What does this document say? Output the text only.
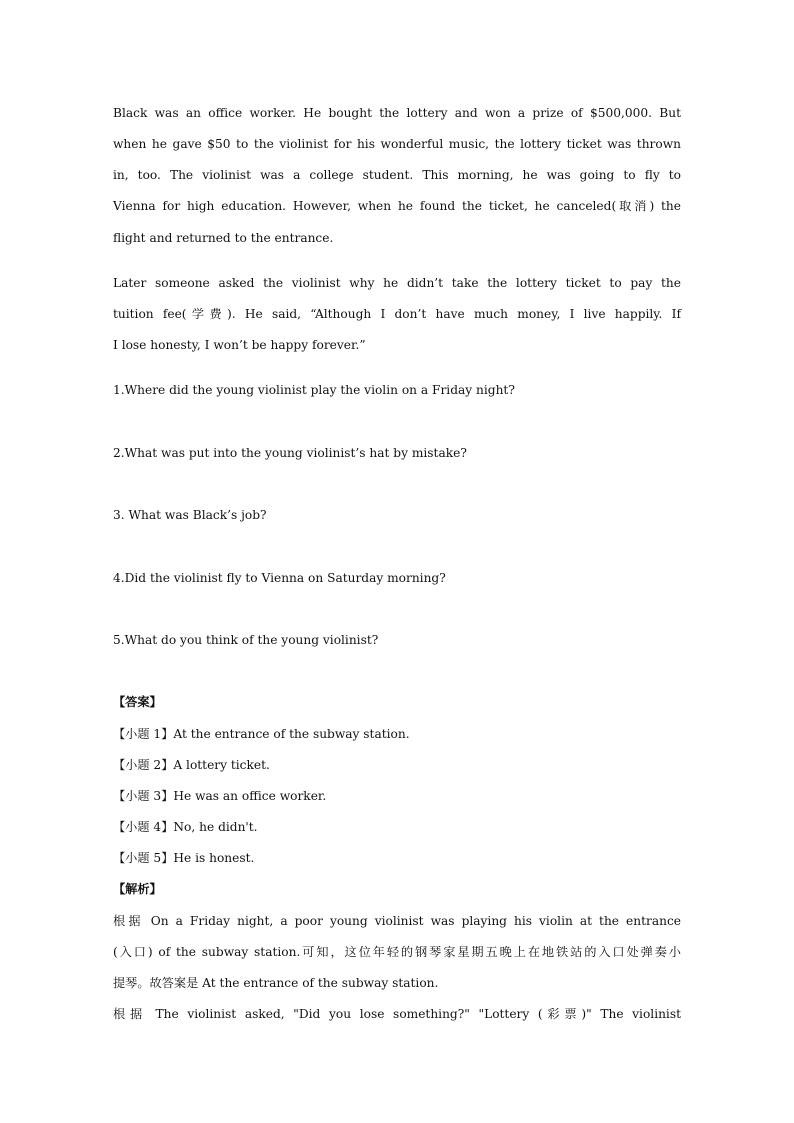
Black was an office worker. He bought the lottery and won a prize of $500,000. But
when he gave $50 to the violinist for his wonderful music, the lottery ticket was thrown
in, too. The violinist was a college student. This morning, he was going to fly to
Vienna for high education. However, when he found the ticket, he canceled(取消) the
flight and returned to the entrance.
Later someone asked the violinist why he didn’t take the lottery ticket to pay the
tuition fee(学费). He said, “Although I don’t have much money, I live happily. If
I lose honesty, I won’t be happy forever.”
1.Where did the young violinist play the violin on a Friday night?
2.What was put into the young violinist’s hat by mistake?
3. What was Black’s job?
4.Did the violinist fly to Vienna on Saturday morning?
5.What do you think of the young violinist?
【答案】
【小题 1】At the entrance of the subway station.
【小题 2】A lottery ticket.
【小题 3】He was an office worker.
【小题 4】No, he didn't.
【小题 5】He is honest.
【解析】
根据 On a Friday night, a poor young violinist was playing his violin at the entrance
(入口) of the subway station.可知，这位年轻的钢琴家星期五晚上在地铁站的入口处弹奏小
提琴。故答案是 At the entrance of the subway station.
根据 The violinist asked, "Did you lose something?" "Lottery (彩票)" The violinist
